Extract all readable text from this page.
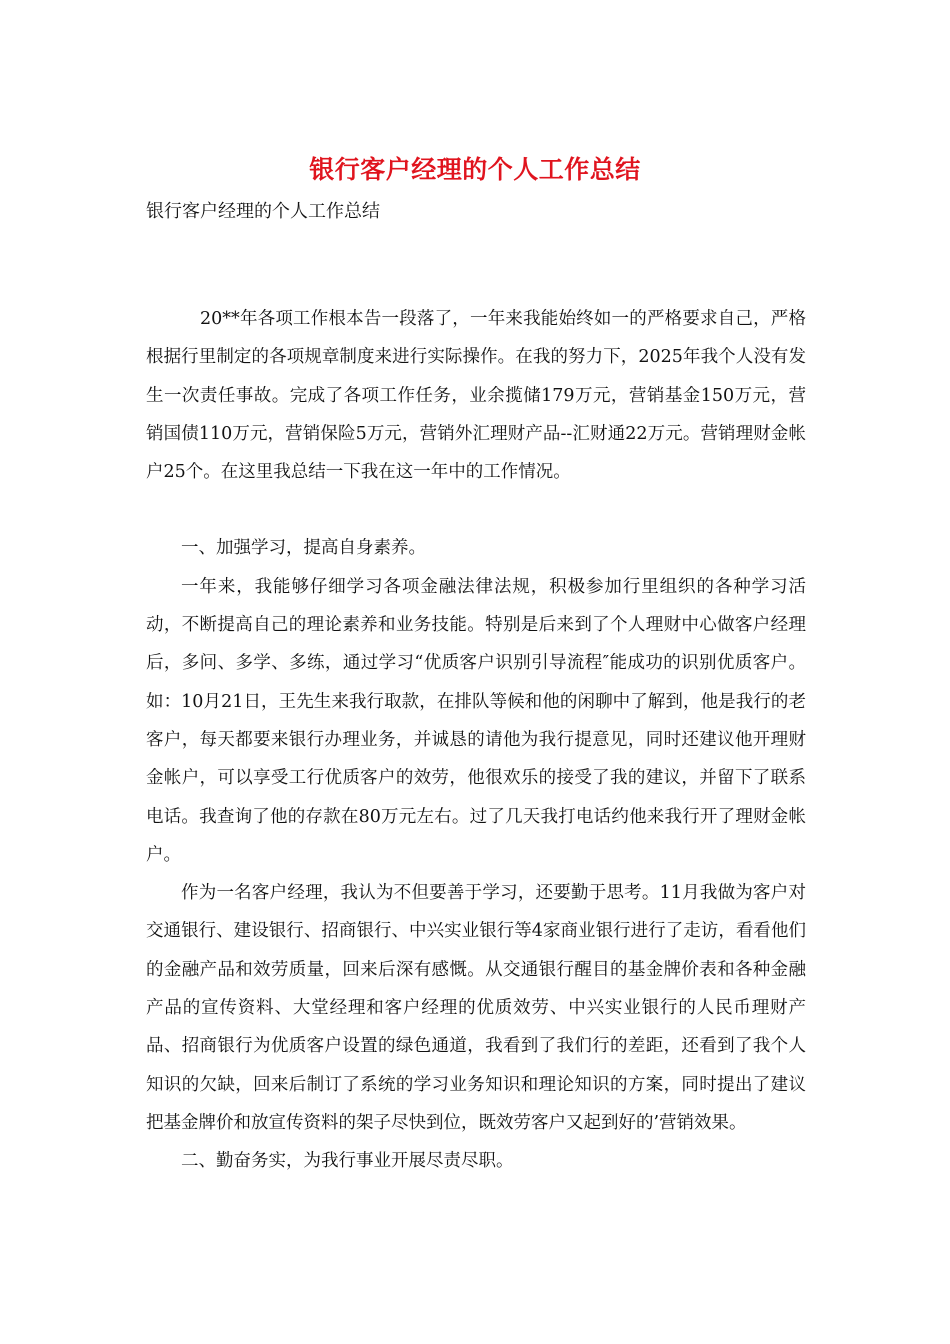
银行客户经理的个人工作总结
银行客户经理的个人工作总结

20**年各项工作根本告一段落了，一年来我能始终如一的严格要求自己，严格根据行里制定的各项规章制度来进行实际操作。在我的努力下，2025年我个人没有发生一次责任事故。完成了各项工作任务，业余揽储179万元，营销基金150万元，营销国债110万元，营销保险5万元，营销外汇理财产品--汇财通22万元。营销理财金帐户25个。在这里我总结一下我在这一年中的工作情况。

一、加强学习，提高自身素养。

一年来，我能够仔细学习各项金融法律法规，积极参加行里组织的各种学习活动，不断提高自己的理论素养和业务技能。特别是后来到了个人理财中心做客户经理后，多问、多学、多练，通过学习“优质客户识别引导流程″能成功的识别优质客户。如：10月21日，王先生来我行取款，在排队等候和他的闲聊中了解到，他是我行的老客户，每天都要来银行办理业务，并诚恳的请他为我行提意见，同时还建议他开理财金帐户，可以享受工行优质客户的效劳，他很欢乐的接受了我的建议，并留下了联系电话。我查询了他的存款在80万元左右。过了几天我打电话约他来我行开了理财金帐户。

作为一名客户经理，我认为不但要善于学习，还要勤于思考。11月我做为客户对交通银行、建设银行、招商银行、中兴实业银行等4家商业银行进行了走访，看看他们的金融产品和效劳质量，回来后深有感慨。从交通银行醒目的基金牌价表和各种金融产品的宣传资料、大堂经理和客户经理的优质效劳、中兴实业银行的人民币理财产品、招商银行为优质客户设置的绿色通道，我看到了我们行的差距，还看到了我个人知识的欠缺，回来后制订了系统的学习业务知识和理论知识的方案，同时提出了建议把基金牌价和放宣传资料的架子尽快到位，既效劳客户又起到好的’营销效果。

二、勤奋务实，为我行事业开展尽责尽职。
